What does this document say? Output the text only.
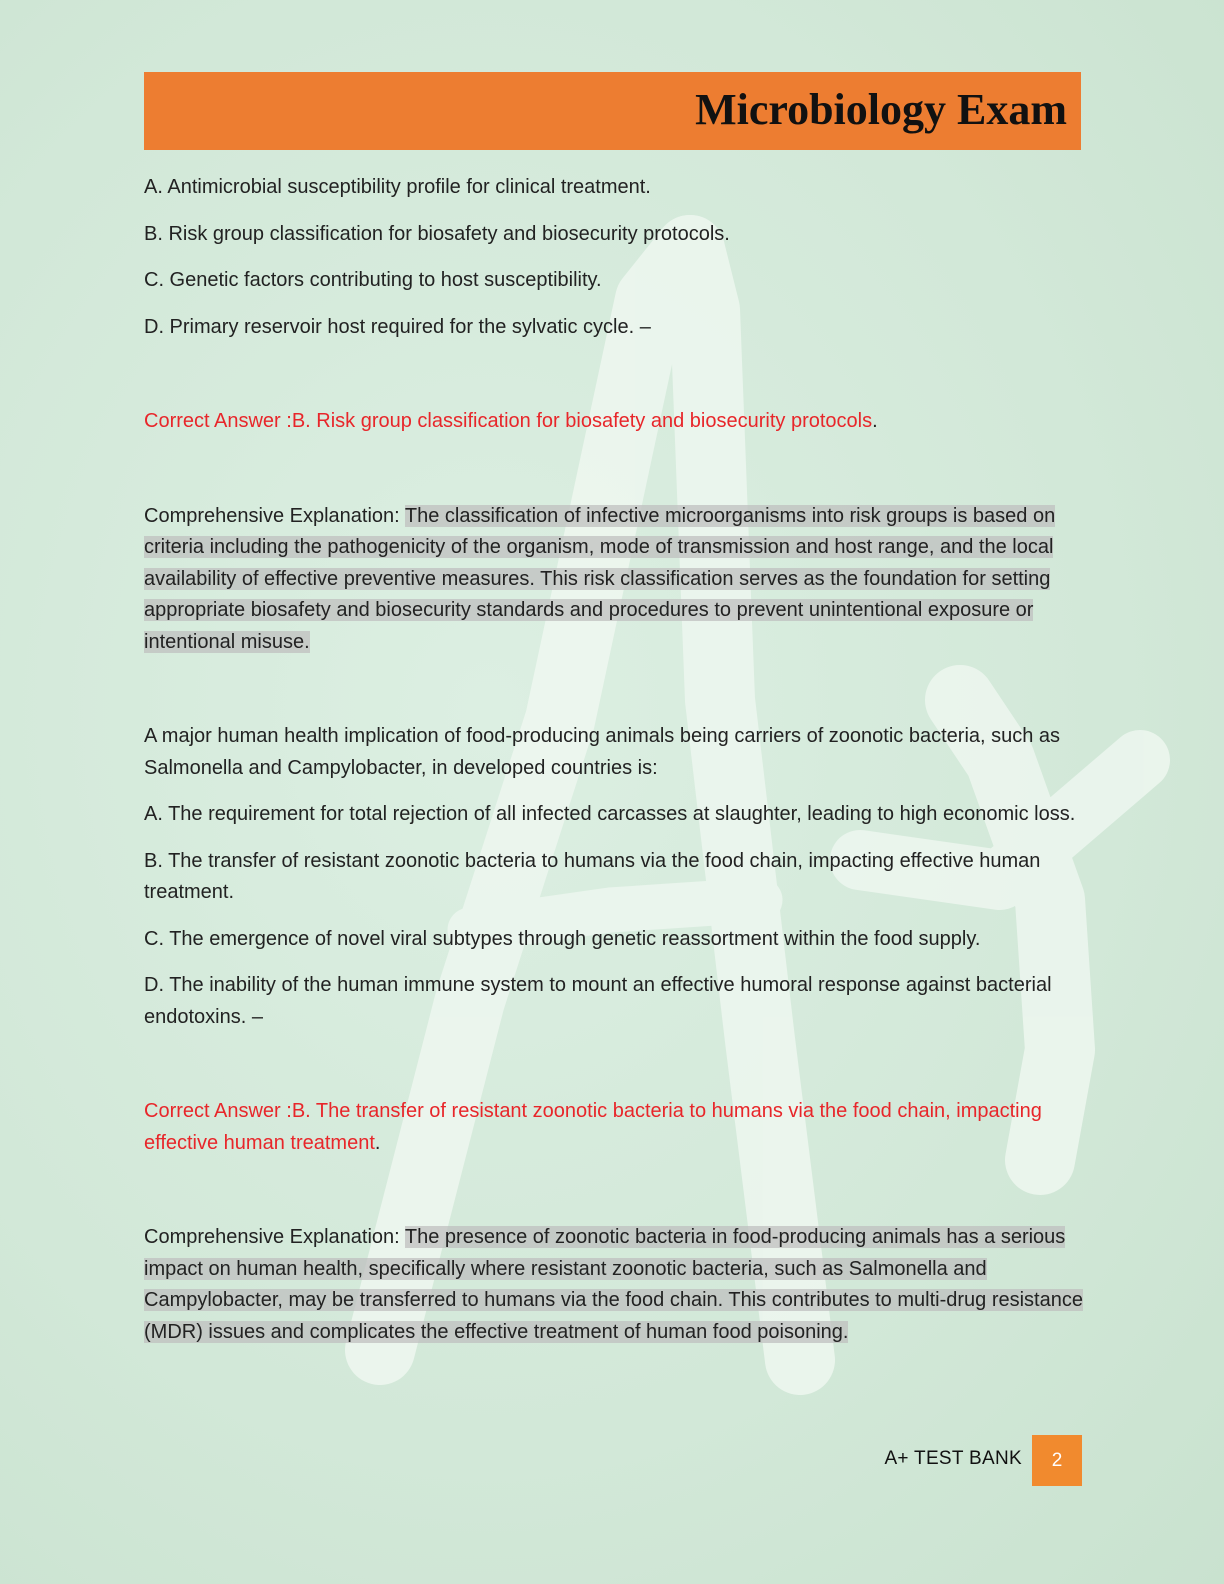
Microbiology Exam

A. Antimicrobial susceptibility profile for clinical treatment.

B. Risk group classification for biosafety and biosecurity protocols.

C. Genetic factors contributing to host susceptibility.

D. Primary reservoir host required for the sylvatic cycle. –

Correct Answer :B. Risk group classification for biosafety and biosecurity protocols.

Comprehensive Explanation: The classification of infective microorganisms into risk groups is based on criteria including the pathogenicity of the organism, mode of transmission and host range, and the local availability of effective preventive measures. This risk classification serves as the foundation for setting appropriate biosafety and biosecurity standards and procedures to prevent unintentional exposure or intentional misuse.

A major human health implication of food-producing animals being carriers of zoonotic bacteria, such as Salmonella and Campylobacter, in developed countries is:

A. The requirement for total rejection of all infected carcasses at slaughter, leading to high economic loss.

B. The transfer of resistant zoonotic bacteria to humans via the food chain, impacting effective human treatment.

C. The emergence of novel viral subtypes through genetic reassortment within the food supply.

D. The inability of the human immune system to mount an effective humoral response against bacterial endotoxins. –

Correct Answer :B. The transfer of resistant zoonotic bacteria to humans via the food chain, impacting effective human treatment.

Comprehensive Explanation: The presence of zoonotic bacteria in food-producing animals has a serious impact on human health, specifically where resistant zoonotic bacteria, such as Salmonella and Campylobacter, may be transferred to humans via the food chain. This contributes to multi-drug resistance (MDR) issues and complicates the effective treatment of human food poisoning.

A+ TEST BANK 2
